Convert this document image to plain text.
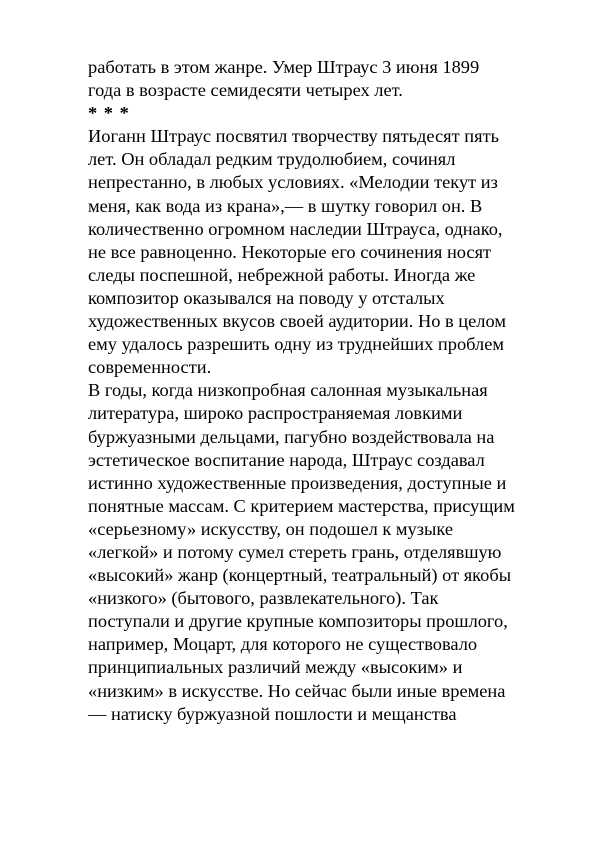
работать в этом жанре. Умер Штраус 3 июня 1899
года в возрасте семидесяти четырех лет.
* * *
Иоганн Штраус посвятил творчеству пятьдесят пять
лет. Он обладал редким трудолюбием, сочинял
непрестанно, в любых условиях. «Мелодии текут из
меня, как вода из крана»,— в шутку говорил он. В
количественно огромном наследии Штрауса, однако,
не все равноценно. Некоторые его сочинения носят
следы поспешной, небрежной работы. Иногда же
композитор оказывался на поводу у отсталых
художественных вкусов своей аудитории. Но в целом
ему удалось разрешить одну из труднейших проблем
современности.
В годы, когда низкопробная салонная музыкальная
литература, широко распространяемая ловкими
буржуазными дельцами, пагубно воздействовала на
эстетическое воспитание народа, Штраус создавал
истинно художественные произведения, доступные и
понятные массам. С критерием мастерства, присущим
«серьезному» искусству, он подошел к музыке
«легкой» и потому сумел стереть грань, отделявшую
«высокий» жанр (концертный, театральный) от якобы
«низкого» (бытового, развлекательного). Так
поступали и другие крупные композиторы прошлого,
например, Моцарт, для которого не существовало
принципиальных различий между «высоким» и
«низким» в искусстве. Но сейчас были иные времена
— натиску буржуазной пошлости и мещанства
